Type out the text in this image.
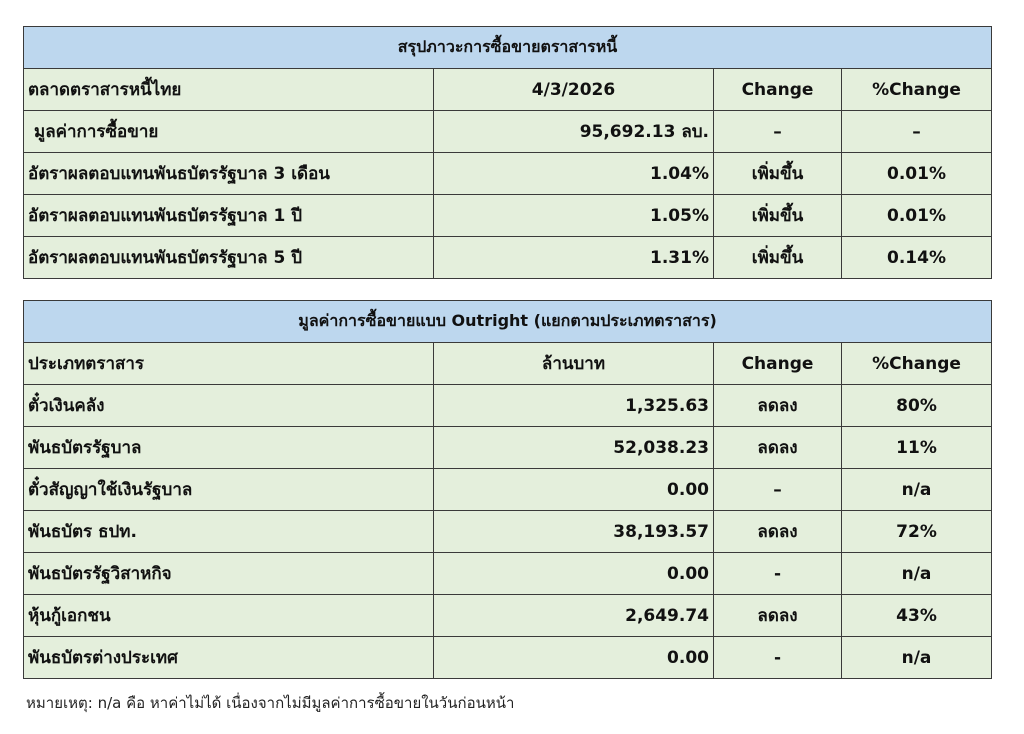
สรุปภาวะการซื้อขายตราสารหนี้			
ตลาดตราสารหนี้ไทย	4/3/2026	Change	%Change
มูลค่าการซื้อขาย	95,692.13 ลบ.	–	–
อัตราผลตอบแทนพันธบัตรรัฐบาล 3 เดือน	1.04%	เพิ่มขึ้น	0.01%
อัตราผลตอบแทนพันธบัตรรัฐบาล 1 ปี	1.05%	เพิ่มขึ้น	0.01%
อัตราผลตอบแทนพันธบัตรรัฐบาล 5 ปี	1.31%	เพิ่มขึ้น	0.14%
มูลค่าการซื้อขายแบบ Outright (แยกตามประเภทตราสาร)			
ประเภทตราสาร	ล้านบาท	Change	%Change
ตั๋วเงินคลัง	1,325.63	ลดลง	80%
พันธบัตรรัฐบาล	52,038.23	ลดลง	11%
ตั๋วสัญญาใช้เงินรัฐบาล	0.00	–	n/a
พันธบัตร ธปท.	38,193.57	ลดลง	72%
พันธบัตรรัฐวิสาหกิจ	0.00	-	n/a
หุ้นกู้เอกชน	2,649.74	ลดลง	43%
พันธบัตรต่างประเทศ	0.00	-	n/a
หมายเหตุ: n/a คือ หาค่าไม่ได้ เนื่องจากไม่มีมูลค่าการซื้อขายในวันก่อนหน้า
